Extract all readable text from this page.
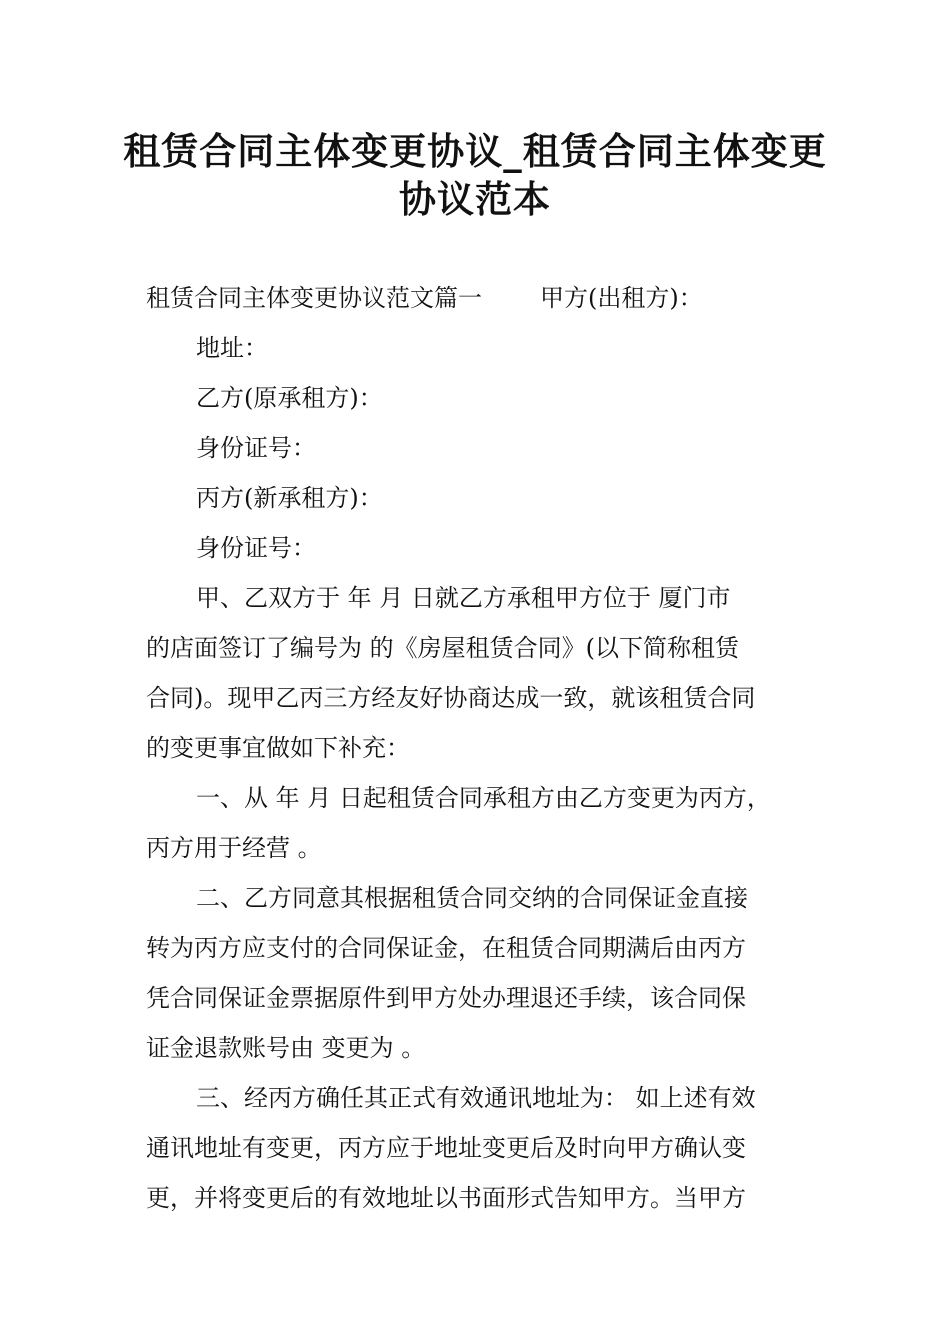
租赁合同主体变更协议_租赁合同主体变更
协议范本

租赁合同主体变更协议范文篇一 甲方(出租方)：

地址：

乙方(原承租方)：

身份证号：

丙方(新承租方)：

身份证号：

甲、乙双方于 年 月 日就乙方承租甲方位于 厦门市

的店面签订了编号为 的《房屋租赁合同》(以下简称租赁

合同)。现甲乙丙三方经友好协商达成一致，就该租赁合同

的变更事宜做如下补充：

一、从 年 月 日起租赁合同承租方由乙方变更为丙方，

丙方用于经营 。

二、乙方同意其根据租赁合同交纳的合同保证金直接

转为丙方应支付的合同保证金，在租赁合同期满后由丙方

凭合同保证金票据原件到甲方处办理退还手续，该合同保

证金退款账号由 变更为 。

三、经丙方确任其正式有效通讯地址为： 如上述有效

通讯地址有变更，丙方应于地址变更后及时向甲方确认变

更，并将变更后的有效地址以书面形式告知甲方。当甲方
